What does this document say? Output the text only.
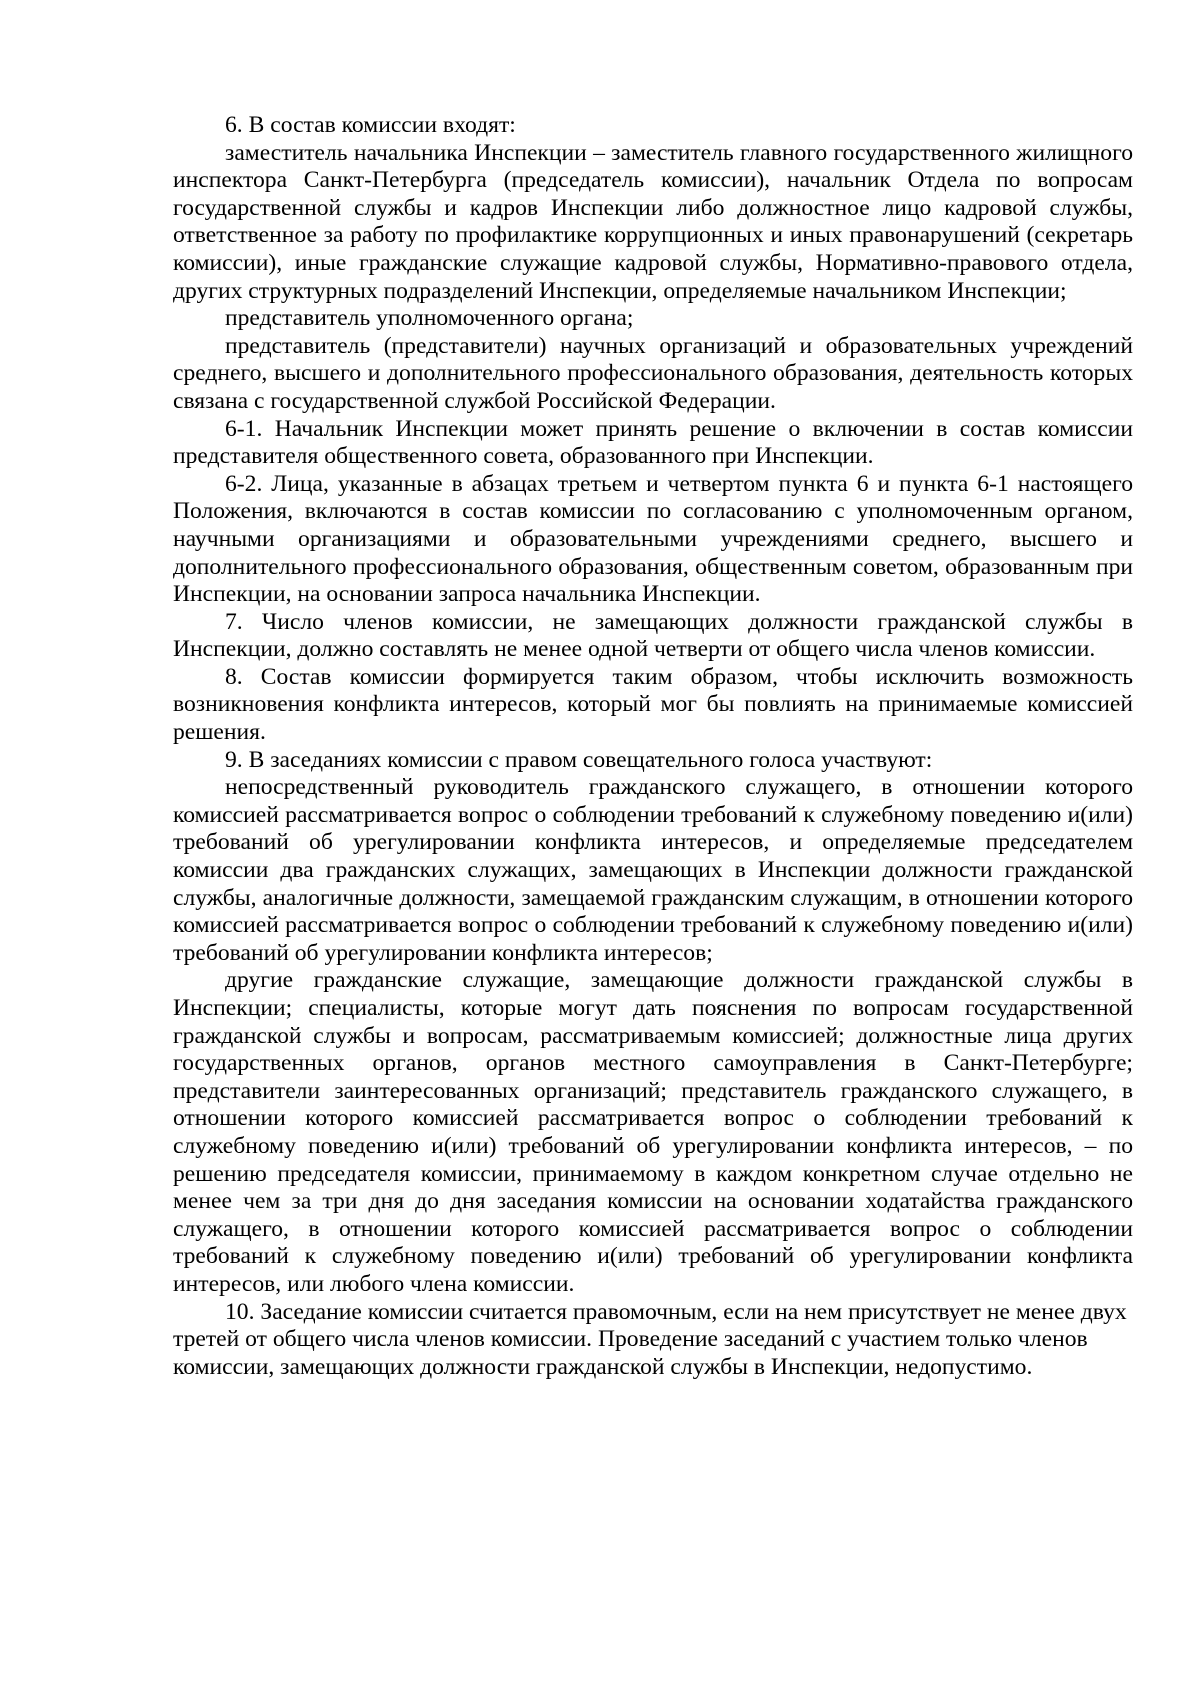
6. В состав комиссии входят:

заместитель начальника Инспекции – заместитель главного государственного жилищного инспектора Санкт-Петербурга (председатель комиссии), начальник Отдела по вопросам государственной службы и кадров Инспекции либо должностное лицо кадровой службы, ответственное за работу по профилактике коррупционных и иных правонарушений (секретарь комиссии), иные гражданские служащие кадровой службы, Нормативно-правового отдела, других структурных подразделений Инспекции, определяемые начальником Инспекции;

представитель уполномоченного органа;

представитель (представители) научных организаций и образовательных учреждений среднего, высшего и дополнительного профессионального образования, деятельность которых связана с государственной службой Российской Федерации.

6-1. Начальник Инспекции может принять решение о включении в состав комиссии представителя общественного совета, образованного при Инспекции.

6-2. Лица, указанные в абзацах третьем и четвертом пункта 6 и пункта 6-1 настоящего Положения, включаются в состав комиссии по согласованию с уполномоченным органом, научными организациями и образовательными учреждениями среднего, высшего и дополнительного профессионального образования, общественным советом, образованным при Инспекции, на основании запроса начальника Инспекции.

7. Число членов комиссии, не замещающих должности гражданской службы в Инспекции, должно составлять не менее одной четверти от общего числа членов комиссии.

8. Состав комиссии формируется таким образом, чтобы исключить возможность возникновения конфликта интересов, который мог бы повлиять на принимаемые комиссией решения.

9. В заседаниях комиссии с правом совещательного голоса участвуют:

непосредственный руководитель гражданского служащего, в отношении которого комиссией рассматривается вопрос о соблюдении требований к служебному поведению и(или) требований об урегулировании конфликта интересов, и определяемые председателем комиссии два гражданских служащих, замещающих в Инспекции должности гражданской службы, аналогичные должности, замещаемой гражданским служащим, в отношении которого комиссией рассматривается вопрос о соблюдении требований к служебному поведению и(или) требований об урегулировании конфликта интересов;

другие гражданские служащие, замещающие должности гражданской службы в Инспекции; специалисты, которые могут дать пояснения по вопросам государственной гражданской службы и вопросам, рассматриваемым комиссией; должностные лица других государственных органов, органов местного самоуправления в Санкт-Петербурге; представители заинтересованных организаций; представитель гражданского служащего, в отношении которого комиссией рассматривается вопрос о соблюдении требований к служебному поведению и(или) требований об урегулировании конфликта интересов, – по решению председателя комиссии, принимаемому в каждом конкретном случае отдельно не менее чем за три дня до дня заседания комиссии на основании ходатайства гражданского служащего, в отношении которого комиссией рассматривается вопрос о соблюдении требований к служебному поведению и(или) требований об урегулировании конфликта интересов, или любого члена комиссии.

10. Заседание комиссии считается правомочным, если на нем присутствует не менее двух третей от общего числа членов комиссии. Проведение заседаний с участием только членов комиссии, замещающих должности гражданской службы в Инспекции, недопустимо.
